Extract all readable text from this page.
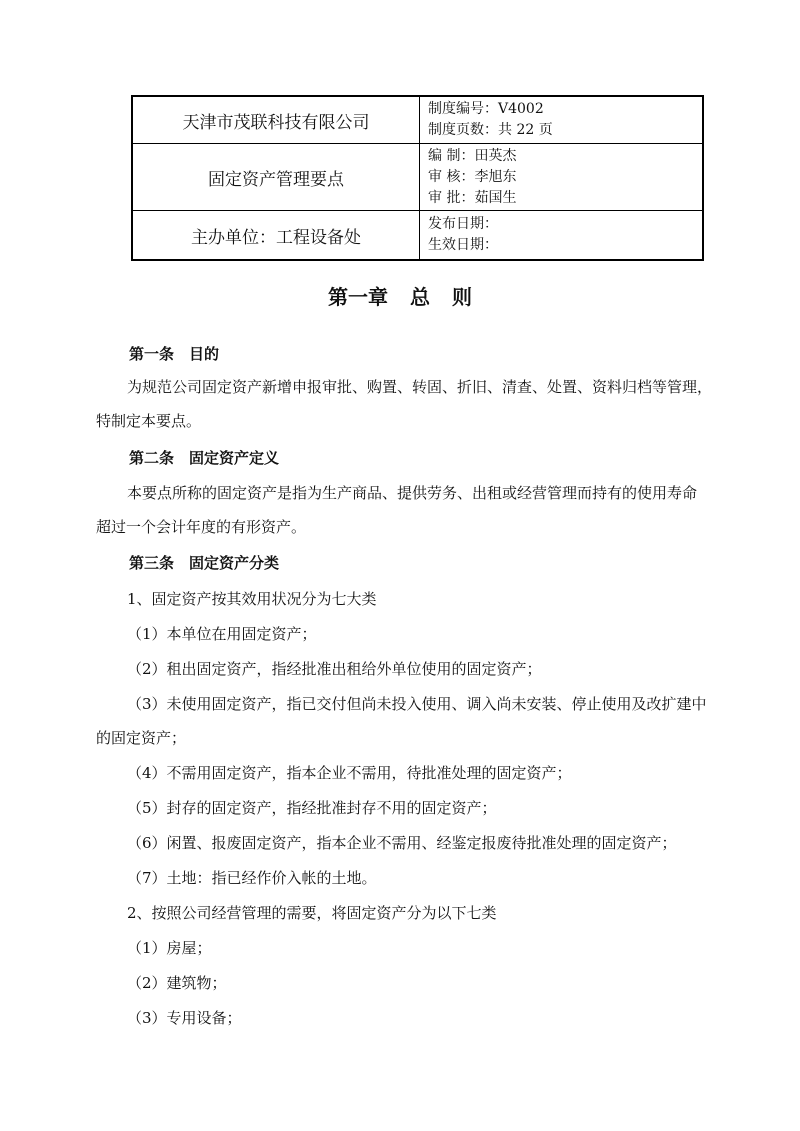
天津市茂联科技有限公司	制度编号：V4002
制度页数：共 22 页

固定资产管理要点	编 制：田英杰
审 核：李旭东
审 批：茹国生

主办单位：工程设备处	发布日期：
生效日期：
第一章 总 则
第一条　目的
为规范公司固定资产新增申报审批、购置、转固、折旧、清查、处置、资料归档等管理，
特制定本要点。
第二条　固定资产定义
本要点所称的固定资产是指为生产商品、提供劳务、出租或经营管理而持有的使用寿命
超过一个会计年度的有形资产。
第三条　固定资产分类
1、固定资产按其效用状况分为七大类
（1）本单位在用固定资产；
（2）租出固定资产，指经批准出租给外单位使用的固定资产；
（3）未使用固定资产，指已交付但尚未投入使用、调入尚未安装、停止使用及改扩建中
的固定资产；
（4）不需用固定资产，指本企业不需用，待批准处理的固定资产；
（5）封存的固定资产，指经批准封存不用的固定资产；
（6）闲置、报废固定资产，指本企业不需用、经鉴定报废待批准处理的固定资产；
（7）土地：指已经作价入帐的土地。
2、按照公司经营管理的需要，将固定资产分为以下七类
（1）房屋；
（2）建筑物；
（3）专用设备；
